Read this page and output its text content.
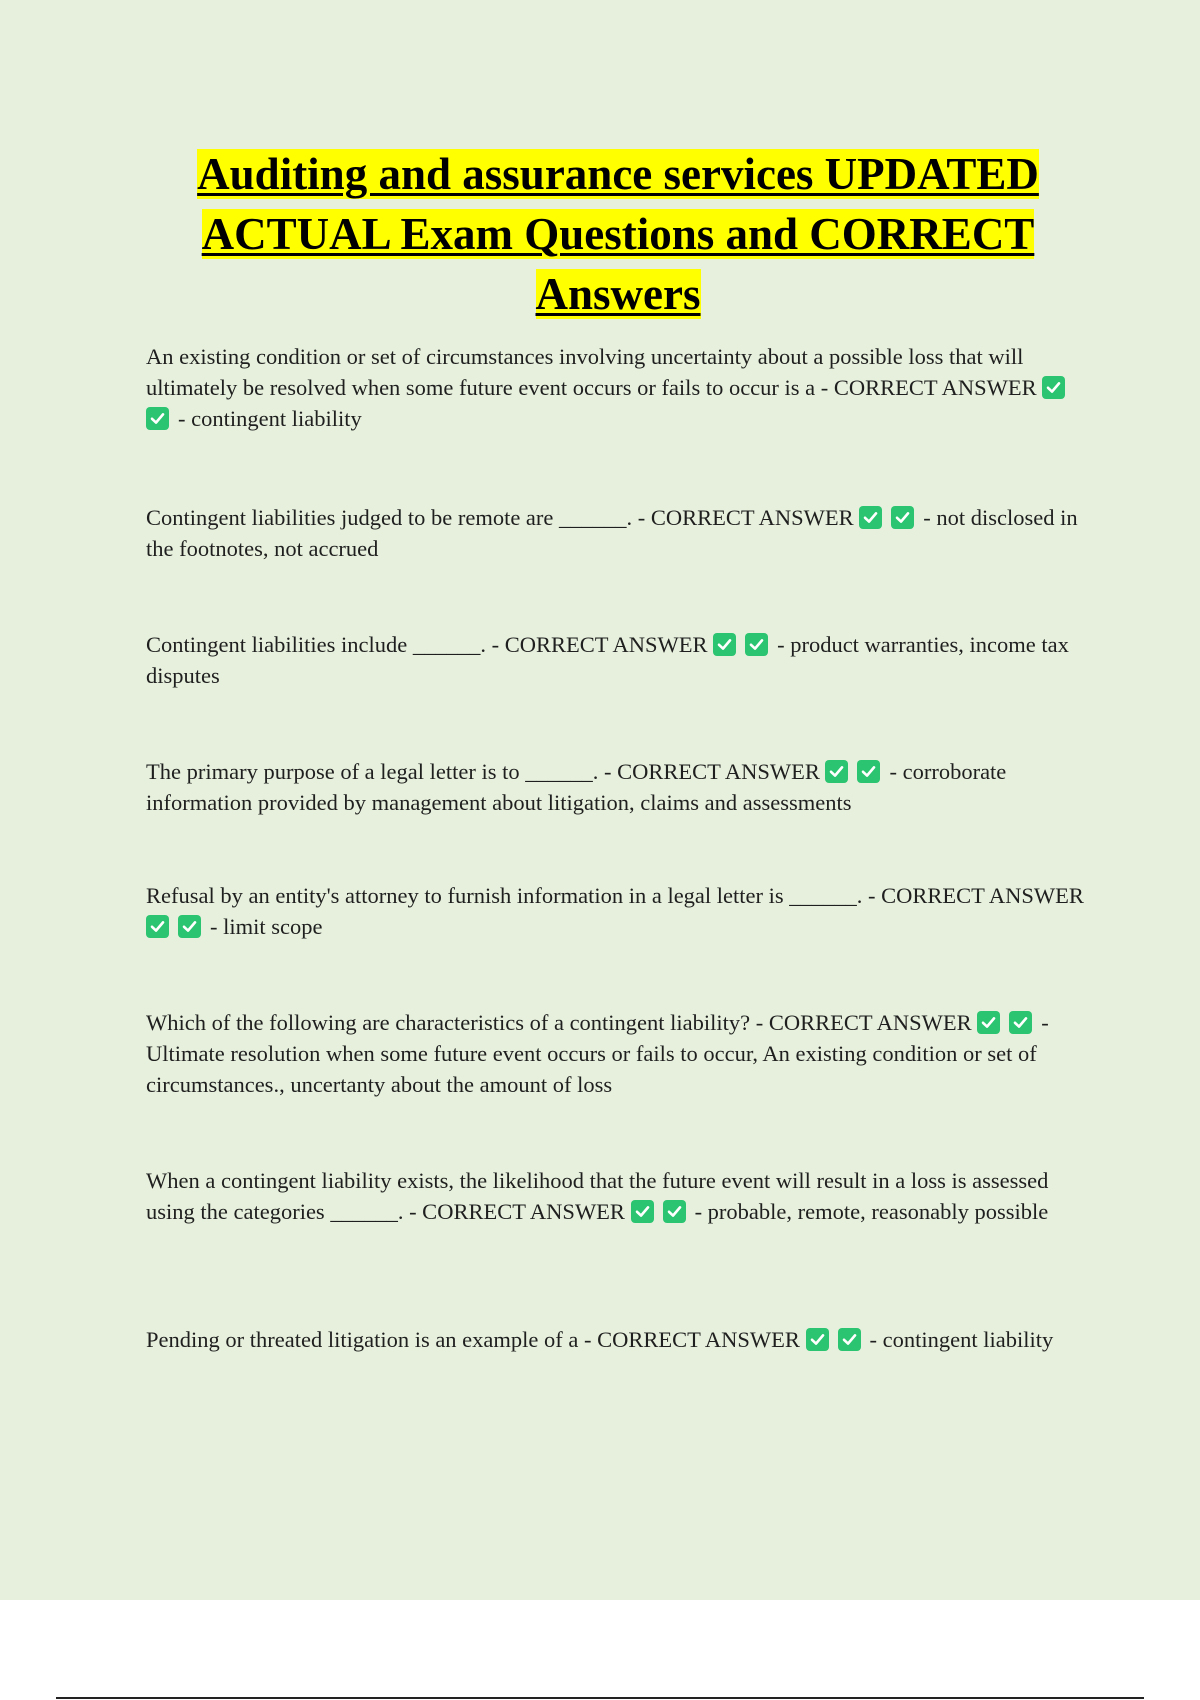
Auditing and assurance services UPDATED ACTUAL Exam Questions and CORRECT Answers
An existing condition or set of circumstances involving uncertainty about a possible loss that will ultimately be resolved when some future event occurs or fails to occur is a - CORRECT ANSWER
- contingent liability
Contingent liabilities judged to be remote are ______. - CORRECT ANSWER	- not disclosed in the footnotes, not accrued
Contingent liabilities include ______. - CORRECT ANSWER	- product warranties, income tax disputes
The primary purpose of a legal letter is to ______. - CORRECT ANSWER	- corroborate information provided by management about litigation, claims and assessments
Refusal by an entity's attorney to furnish information in a legal letter is ______. - CORRECT ANSWER
- limit scope
Which of the following are characteristics of a contingent liability? - CORRECT ANSWER	- Ultimate resolution when some future event occurs or fails to occur, An existing condition or set of circumstances., uncertanty about the amount of loss
When a contingent liability exists, the likelihood that the future event will result in a loss is assessed using the categories ______. - CORRECT ANSWER	- probable, remote, reasonably possible
Pending or threated litigation is an example of a - CORRECT ANSWER	- contingent liability
